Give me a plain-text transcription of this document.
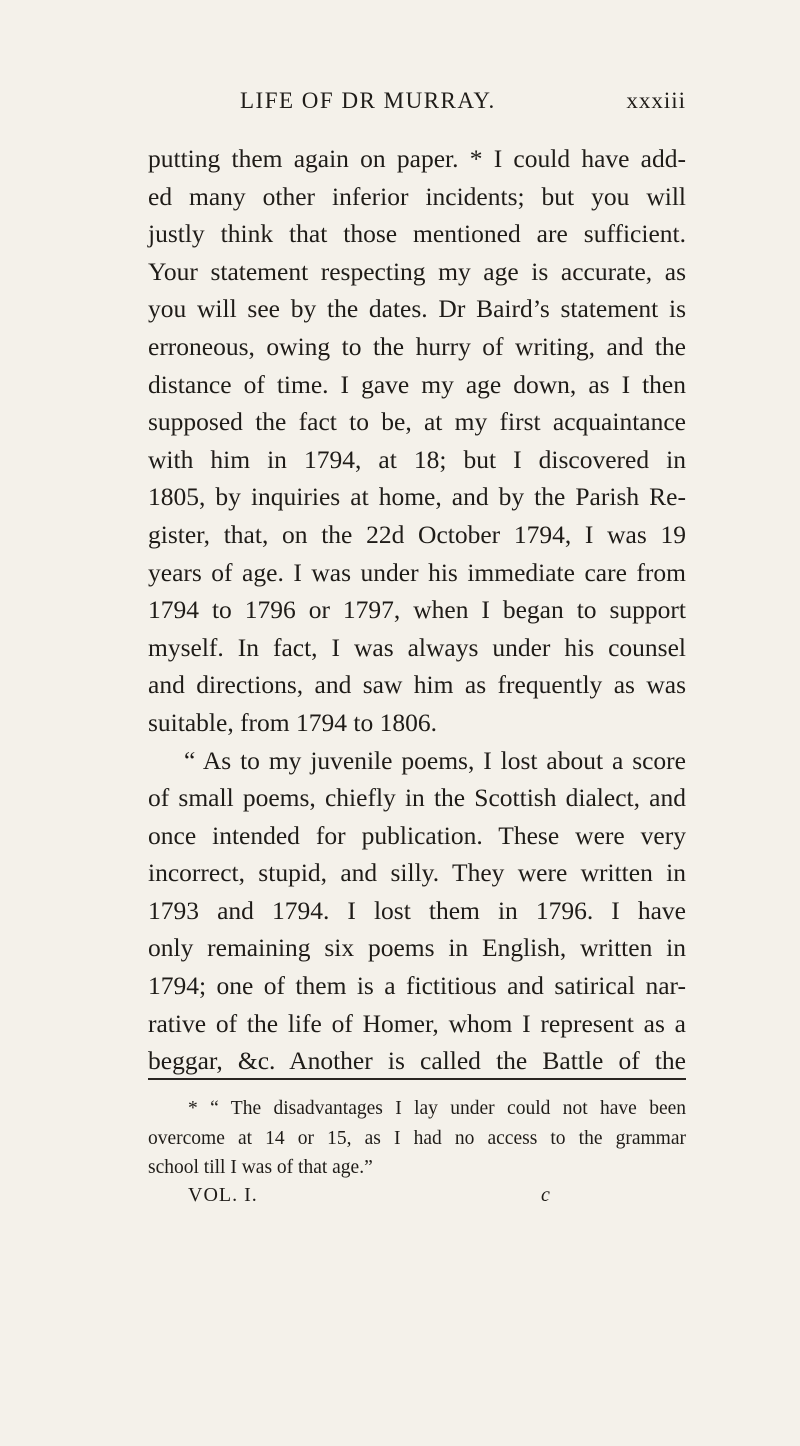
LIFE OF DR MURRAY.	xxxiii
putting them again on paper. * I could have add-
ed many other inferior incidents; but you will
justly think that those mentioned are sufficient.
Your statement respecting my age is accurate, as
you will see by the dates. Dr Baird’s statement is
erroneous, owing to the hurry of writing, and the
distance of time. I gave my age down, as I then
supposed the fact to be, at my first acquaintance
with him in 1794, at 18; but I discovered in
1805, by inquiries at home, and by the Parish Re-
gister, that, on the 22d October 1794, I was 19
years of age. I was under his immediate care from
1794 to 1796 or 1797, when I began to support
myself. In fact, I was always under his counsel
and directions, and saw him as frequently as was
suitable, from 1794 to 1806.
“ As to my juvenile poems, I lost about a score
of small poems, chiefly in the Scottish dialect, and
once intended for publication. These were very
incorrect, stupid, and silly. They were written in
1793 and 1794. I lost them in 1796. I have
only remaining six poems in English, written in
1794; one of them is a fictitious and satirical nar-
rative of the life of Homer, whom I represent as a
beggar, &c. Another is called the Battle of the
* “ The disadvantages I lay under could not have been
overcome at 14 or 15, as I had no access to the grammar
school till I was of that age.”
VOL. I.	c
